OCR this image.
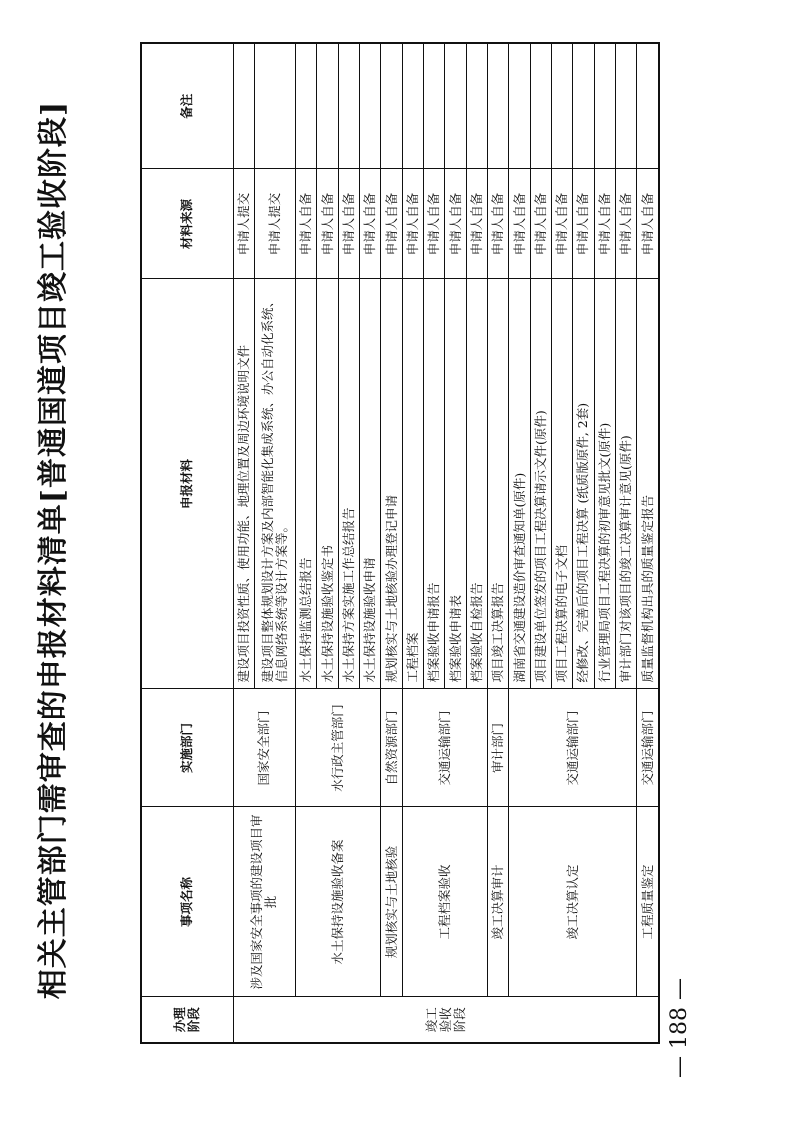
相关主管部门需审查的申报材料清单[普通国道项目竣工验收阶段]
办理阶段	事项名称	实施部门	申报材料	材料来源	备注
竣工验收阶段	涉及国家安全事项的建设项目审批	国家安全部门	建设项目投资性质、使用功能、地理位置及周边环境说明文件	申请人提交	
			建设项目整体规划设计方案及内部智能化集成系统、办公自动化系统、信息网络系统等设计方案等。	申请人提交	
	水土保持设施验收备案	水行政主管部门	水土保持监测总结报告	申请人自备	
			水土保持设施验收鉴定书	申请人自备	
			水土保持方案实施工作总结报告	申请人自备	
			水土保持设施验收申请	申请人自备	
	规划核实与土地核验	自然资源部门	规划核实与土地核验办理登记申请	申请人自备	
	工程档案验收	交通运输部门	工程档案	申请人自备	
			档案验收申请报告	申请人自备	
			档案验收申请表	申请人自备	
			档案验收自检报告	申请人自备	
	竣工决算审计	审计部门	项目竣工决算报告	申请人自备	
	竣工决算认定	交通运输部门	湖南省交通建设造价审查通知单(原件)	申请人自备	
			项目建设单位签发的项目工程决算请示文件(原件)	申请人自备	
			项目工程决算的电子文档	申请人自备	
			经修改、完善后的项目工程决算 (纸质版原件, 2套)	申请人自备	
			行业管理局项目工程决算的初审意见批文(原件)	申请人自备	
			审计部门对该项目的竣工决算审计意见(原件)	申请人自备	
	工程质量鉴定	交通运输部门	质量监督机构出具的质量鉴定报告	申请人自备	
— 188 —
